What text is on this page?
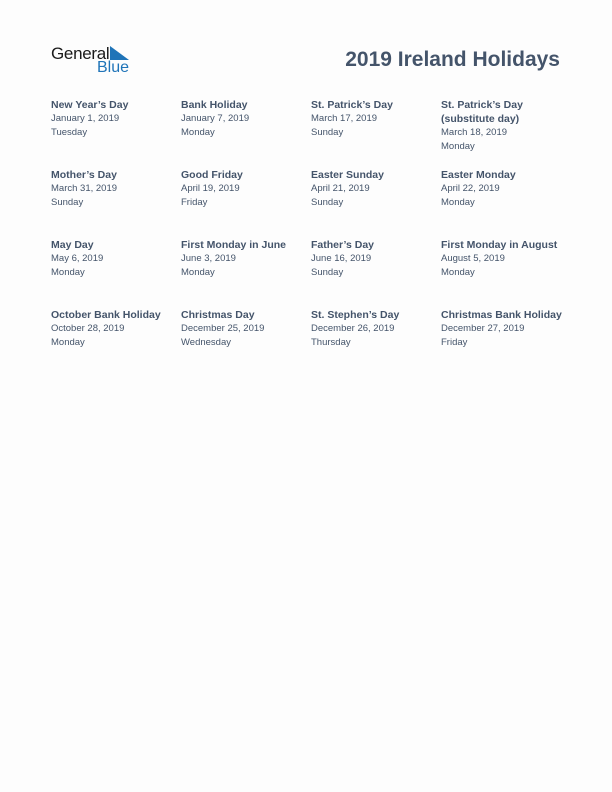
General
Blue	2019 Ireland Holidays
New Year’s Day
January 1, 2019
Tuesday
Bank Holiday
January 7, 2019
Monday
St. Patrick’s Day
March 17, 2019
Sunday
St. Patrick’s Day
(substitute day)
March 18, 2019
Monday
Mother’s Day
March 31, 2019
Sunday
Good Friday
April 19, 2019
Friday
Easter Sunday
April 21, 2019
Sunday
Easter Monday
April 22, 2019
Monday
May Day
May 6, 2019
Monday
First Monday in June
June 3, 2019
Monday
Father’s Day
June 16, 2019
Sunday
First Monday in August
August 5, 2019
Monday
October Bank Holiday
October 28, 2019
Monday
Christmas Day
December 25, 2019
Wednesday
St. Stephen’s Day
December 26, 2019
Thursday
Christmas Bank Holiday
December 27, 2019
Friday
